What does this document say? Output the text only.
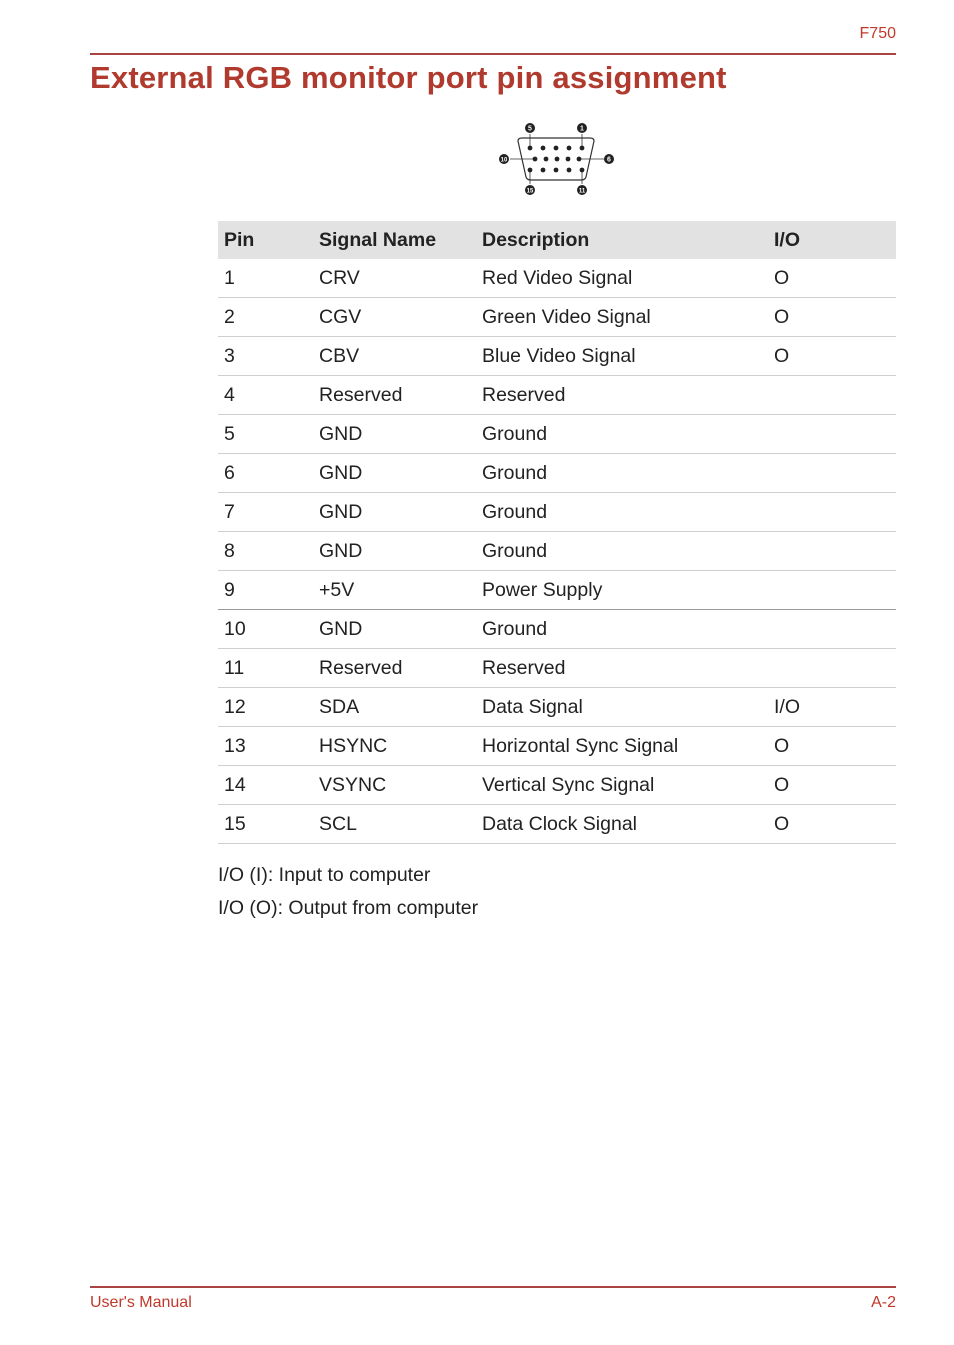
F750
External RGB monitor port pin assignment
5	1
10	6
15	11
Pin	Signal Name	Description	I/O
1	CRV	Red Video Signal	O
2	CGV	Green Video Signal	O
3	CBV	Blue Video Signal	O
4	Reserved	Reserved	
5	GND	Ground	
6	GND	Ground	
7	GND	Ground	
8	GND	Ground	
9	+5V	Power Supply	
10	GND	Ground	
11	Reserved	Reserved	
12	SDA	Data Signal	I/O
13	HSYNC	Horizontal Sync Signal	O
14	VSYNC	Vertical Sync Signal	O
15	SCL	Data Clock Signal	O

I/O (I): Input to computer

I/O (O): Output from computer

User's Manual	A-2
